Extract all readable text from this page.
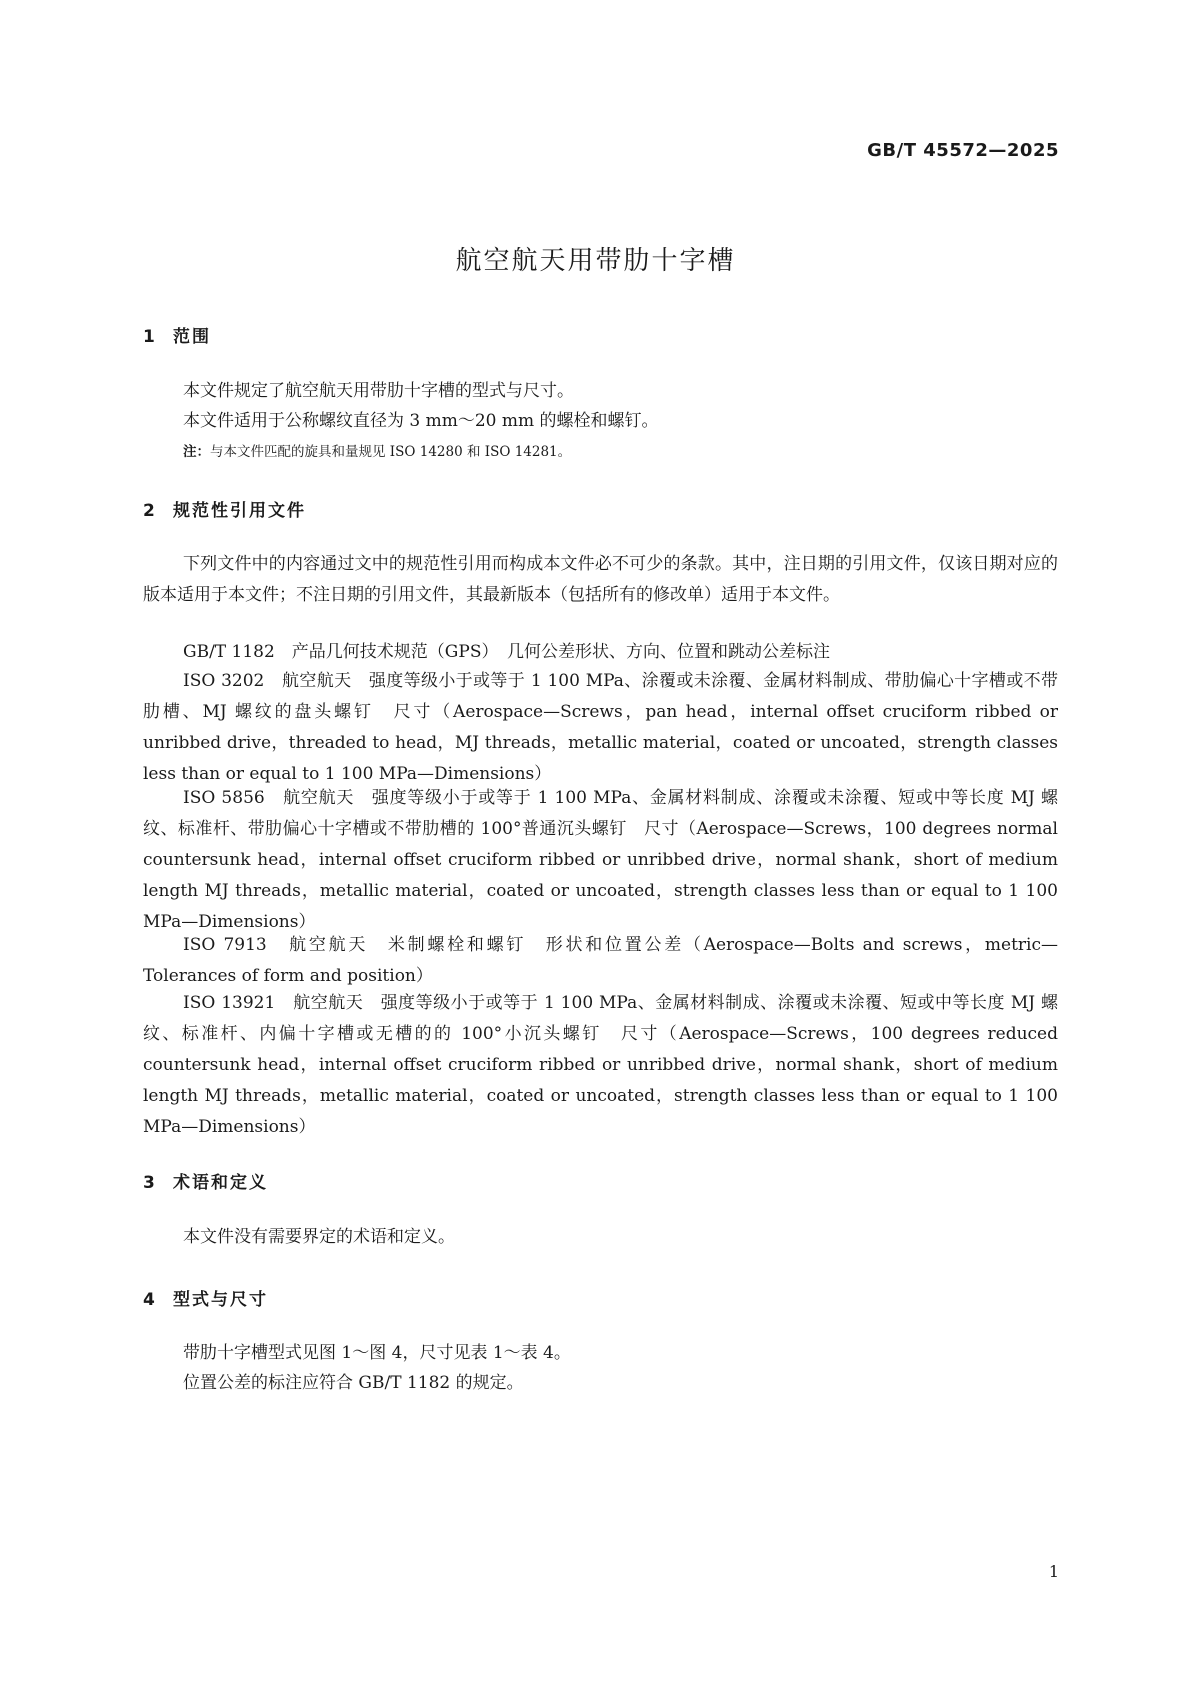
GB/T 45572—2025
航空航天用带肋十字槽
1 范围

本文件规定了航空航天用带肋十字槽的型式与尺寸。

本文件适用于公称螺纹直径为 3 mm～20 mm 的螺栓和螺钉。

注：与本文件匹配的旋具和量规见 ISO 14280 和 ISO 14281。
2 规范性引用文件

下列文件中的内容通过文中的规范性引用而构成本文件必不可少的条款。其中，注日期的引用文件，仅该日期对应的版本适用于本文件；不注日期的引用文件，其最新版本（包括所有的修改单）适用于本文件。

GB/T 1182　产品几何技术规范（GPS）　几何公差形状、方向、位置和跳动公差标注

ISO 3202　航空航天　强度等级小于或等于 1 100 MPa、涂覆或未涂覆、金属材料制成、带肋偏心十字槽或不带肋槽、MJ 螺纹的盘头螺钉　尺寸（Aerospace—Screws，pan head，internal offset cruciform ribbed or unribbed drive，threaded to head，MJ threads，metallic material，coated or uncoated，strength classes less than or equal to 1 100 MPa—Dimensions）

ISO 5856　航空航天　强度等级小于或等于 1 100 MPa、金属材料制成、涂覆或未涂覆、短或中等长度 MJ 螺纹、标准杆、带肋偏心十字槽或不带肋槽的 100°普通沉头螺钉　尺寸（Aerospace—Screws，100 degrees normal countersunk head，internal offset cruciform ribbed or unribbed drive，normal shank，short of medium length MJ threads，metallic material，coated or uncoated，strength classes less than or equal to 1 100 MPa—Dimensions）

ISO 7913　航空航天　米制螺栓和螺钉　形状和位置公差（Aerospace—Bolts and screws，metric— Tolerances of form and position）

ISO 13921　航空航天　强度等级小于或等于 1 100 MPa、金属材料制成、涂覆或未涂覆、短或中等长度 MJ 螺纹、标准杆、内偏十字槽或无槽的的 100°小沉头螺钉　尺寸（Aerospace—Screws，100 degrees reduced countersunk head，internal offset cruciform ribbed or unribbed drive，normal shank，short of medium length MJ threads，metallic material，coated or uncoated，strength classes less than or equal to 1 100 MPa—Dimensions）

3 术语和定义

本文件没有需要界定的术语和定义。

4 型式与尺寸

带肋十字槽型式见图 1～图 4，尺寸见表 1～表 4。

位置公差的标注应符合 GB/T 1182 的规定。

1
